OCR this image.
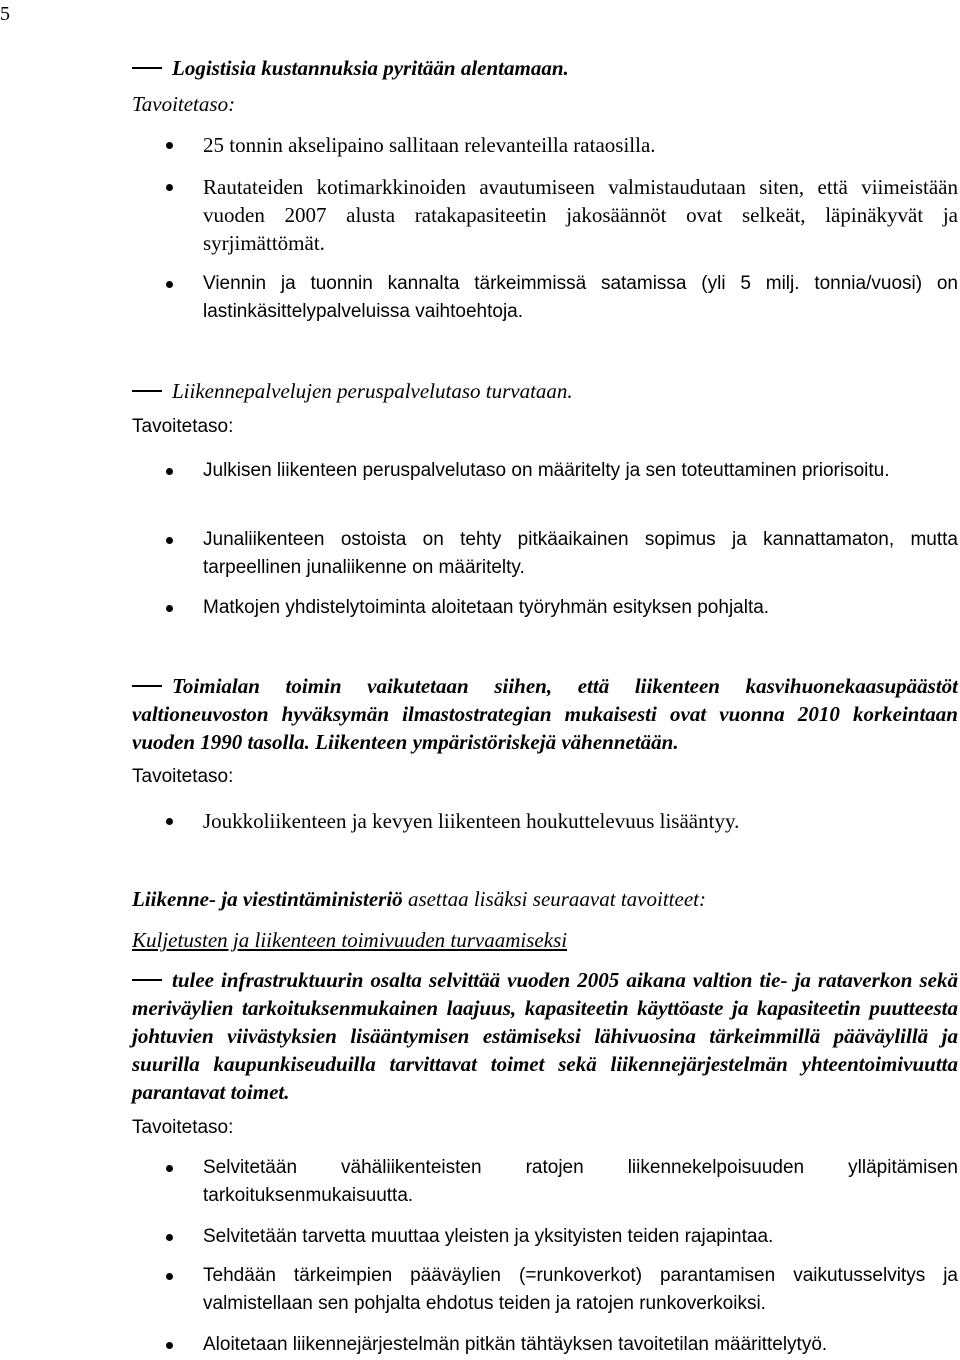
5
Logistisia kustannuksia pyritään alentamaan.
Tavoitetaso:
25 tonnin akselipaino sallitaan relevanteilla rataosilla.
Rautateiden kotimarkkinoiden avautumiseen valmistaudutaan siten, että viimeistään vuoden 2007 alusta ratakapasiteetin jakosäännöt ovat selkeät, läpinäkyvät ja syrjimättömät.
Viennin ja tuonnin kannalta tärkeimmissä satamissa (yli 5 milj. tonnia/vuosi) on lastinkäsittelypalveluissa vaihtoehtoja.
Liikennepalvelujen peruspalvelutaso turvataan.
Tavoitetaso:
Julkisen liikenteen peruspalvelutaso on määritelty ja sen toteuttaminen priorisoitu.
Junaliikenteen ostoista on tehty pitkäaikainen sopimus ja kannattamaton, mutta tarpeellinen junaliikenne on määritelty.
Matkojen yhdistelytoiminta aloitetaan työryhmän esityksen pohjalta.
Toimialan toimin vaikutetaan siihen, että liikenteen kasvihuonekaasupäästöt valtioneuvoston hyväksymän ilmastostrategian mukaisesti ovat vuonna 2010 korkeintaan vuoden 1990 tasolla. Liikenteen ympäristöriskejä vähennetään.
Tavoitetaso:
Joukkoliikenteen ja kevyen liikenteen houkuttelevuus lisääntyy.
Liikenne- ja viestintäministeriö asettaa lisäksi seuraavat tavoitteet:
Kuljetusten ja liikenteen toimivuuden turvaamiseksi
tulee infrastruktuurin osalta selvittää vuoden 2005 aikana valtion tie- ja rataverkon sekä meriväylien tarkoituksenmukainen laajuus, kapasiteetin käyttöaste ja kapasiteetin puutteesta johtuvien viivästyksien lisääntymisen estämiseksi lähivuosina tärkeimmillä pääväylillä ja suurilla kaupunkiseuduilla tarvittavat toimet sekä liikennejärjestelmän yhteentoimivuutta parantavat toimet.
Tavoitetaso:
Selvitetään vähäliikenteisten ratojen liikennekelpoisuuden ylläpitämisen tarkoituksenmukaisuutta.
Selvitetään tarvetta muuttaa yleisten ja yksityisten teiden rajapintaa.
Tehdään tärkeimpien pääväylien (=runkoverkot) parantamisen vaikutusselvitys ja valmistellaan sen pohjalta ehdotus teiden ja ratojen runkoverkoiksi.
Aloitetaan liikennejärjestelmän pitkän tähtäyksen tavoitetilan määrittelytyö.
